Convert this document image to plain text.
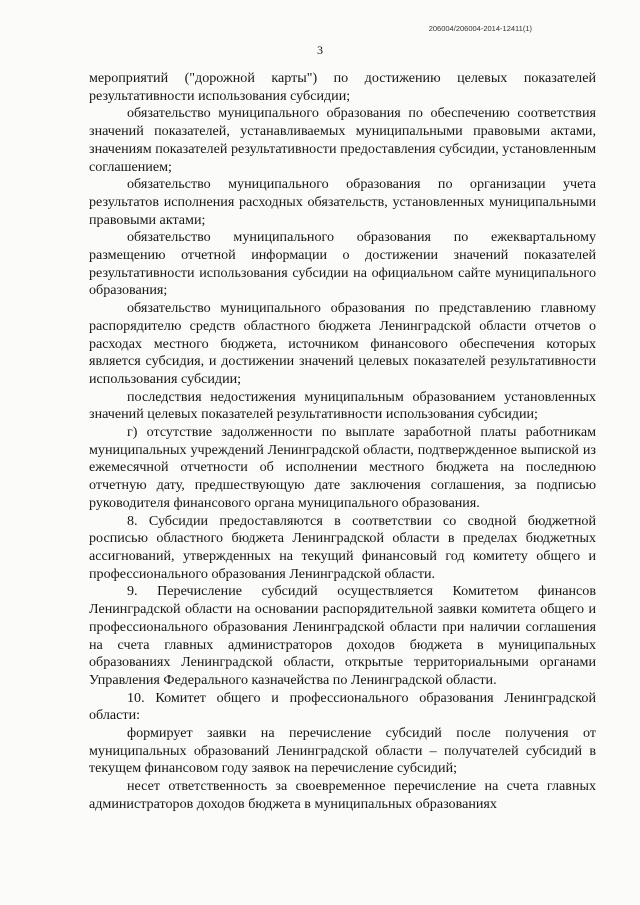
206004/206004-2014-12411(1)
3

мероприятий ("дорожной карты") по достижению целевых показателей результативности использования субсидии;

обязательство муниципального образования по обеспечению соответствия значений показателей, устанавливаемых муниципальными правовыми актами, значениям показателей результативности предоставления субсидии, установленным соглашением;

обязательство муниципального образования по организации учета результатов исполнения расходных обязательств, установленных муниципальными правовыми актами;

обязательство муниципального образования по ежеквартальному размещению отчетной информации о достижении значений показателей результативности использования субсидии на официальном сайте муниципального образования;

обязательство муниципального образования по представлению главному распорядителю средств областного бюджета Ленинградской области отчетов о расходах местного бюджета, источником финансового обеспечения которых является субсидия, и достижении значений целевых показателей результативности использования субсидии;

последствия недостижения муниципальным образованием установленных значений целевых показателей результативности использования субсидии;

г) отсутствие задолженности по выплате заработной платы работникам муниципальных учреждений Ленинградской области, подтвержденное выпиской из ежемесячной отчетности об исполнении местного бюджета на последнюю отчетную дату, предшествующую дате заключения соглашения, за подписью руководителя финансового органа муниципального образования.

8. Субсидии предоставляются в соответствии со сводной бюджетной росписью областного бюджета Ленинградской области в пределах бюджетных ассигнований, утвержденных на текущий финансовый год комитету общего и профессионального образования Ленинградской области.

9. Перечисление субсидий осуществляется Комитетом финансов Ленинградской области на основании распорядительной заявки комитета общего и профессионального образования Ленинградской области при наличии соглашения на счета главных администраторов доходов бюджета в муниципальных образованиях Ленинградской области, открытые территориальными органами Управления Федерального казначейства по Ленинградской области.

10. Комитет общего и профессионального образования Ленинградской области:

формирует заявки на перечисление субсидий после получения от муниципальных образований Ленинградской области – получателей субсидий в текущем финансовом году заявок на перечисление субсидий;

несет ответственность за своевременное перечисление на счета главных администраторов доходов бюджета в муниципальных образованиях
